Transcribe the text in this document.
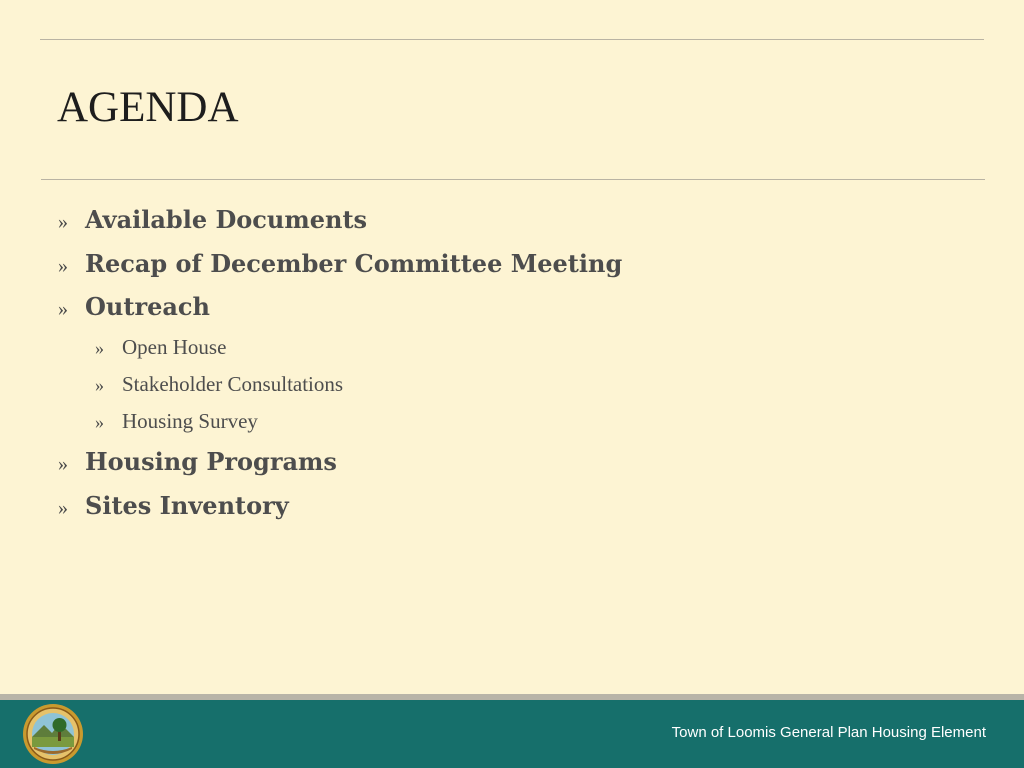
AGENDA
» Available Documents
» Recap of December Committee Meeting
» Outreach
» Open House
» Stakeholder Consultations
» Housing Survey
» Housing Programs
» Sites Inventory
Town of Loomis General Plan Housing Element
